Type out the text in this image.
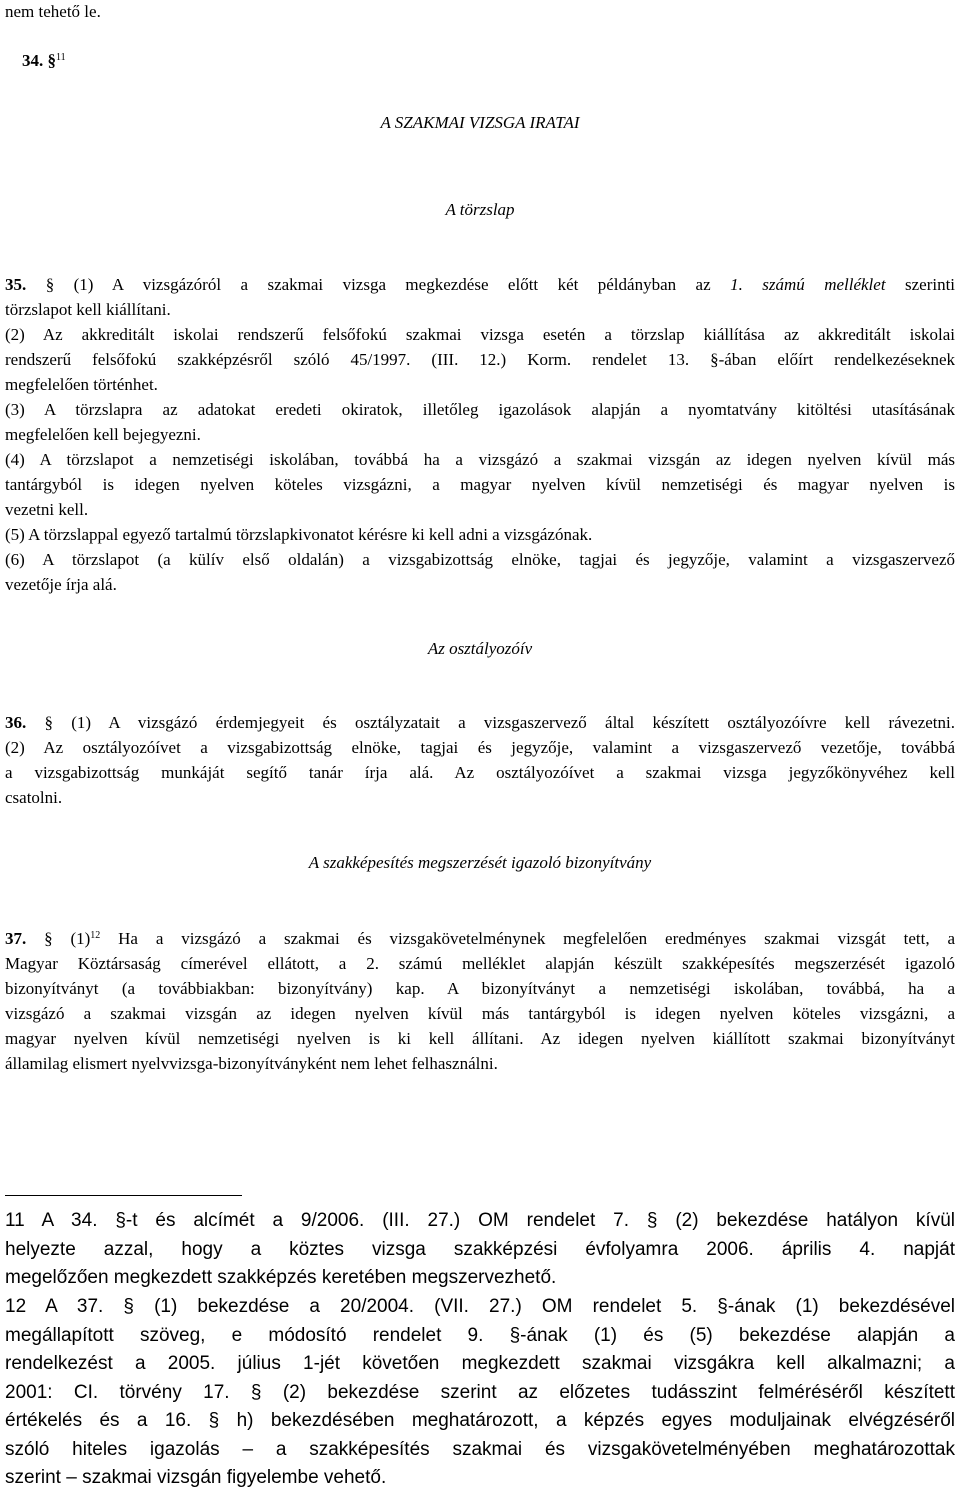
nem tehető le.

34. §$^{11}$

A SZAKMAI VIZSGA IRATAI

A törzslap

35. § (1) A vizsgázóról a szakmai vizsga megkezdése előtt két példányban az 1. számú melléklet szerinti
törzslapot kell kiállítani.
(2) Az akkreditált iskolai rendszerű felsőfokú szakmai vizsga esetén a törzslap kiállítása az akkreditált iskolai
rendszerű felsőfokú szakképzésről szóló 45/1997. (III. 12.) Korm. rendelet 13. §-ában előírt rendelkezéseknek
megfelelően történhet.
(3) A törzslapra az adatokat eredeti okiratok, illetőleg igazolások alapján a nyomtatvány kitöltési utasításának
megfelelően kell bejegyezni.
(4) A törzslapot a nemzetiségi iskolában, továbbá ha a vizsgázó a szakmai vizsgán az idegen nyelven kívül más
tantárgyból is idegen nyelven köteles vizsgázni, a magyar nyelven kívül nemzetiségi és magyar nyelven is
vezetni kell.
(5) A törzslappal egyező tartalmú törzslapkivonatot kérésre ki kell adni a vizsgázónak.
(6) A törzslapot (a külív első oldalán) a vizsgabizottság elnöke, tagjai és jegyzője, valamint a vizsgaszervező
vezetője írja alá.

Az osztályozóív

36. § (1) A vizsgázó érdemjegyeit és osztályzatait a vizsgaszervező által készített osztályozóívre kell rávezetni.
(2) Az osztályozóívet a vizsgabizottság elnöke, tagjai és jegyzője, valamint a vizsgaszervező vezetője, továbbá
a vizsgabizottság munkáját segítő tanár írja alá. Az osztályozóívet a szakmai vizsga jegyzőkönyvéhez kell
csatolni.

A szakképesítés megszerzését igazoló bizonyítvány

37. § $(1)^{12}$ Ha a vizsgázó a szakmai és vizsgakövetelménynek megfelelően eredményes szakmai vizsgát tett, a
Magyar Köztársaság címerével ellátott, a 2. számú melléklet alapján készült szakképesítés megszerzését igazoló
bizonyítványt (a továbbiakban: bizonyítvány) kap. A bizonyítványt a nemzetiségi iskolában, továbbá, ha a
vizsgázó a szakmai vizsgán az idegen nyelven kívül más tantárgyból is idegen nyelven köteles vizsgázni, a
magyar nyelven kívül nemzetiségi nyelven is ki kell állítani. Az idegen nyelven kiállított szakmai bizonyítványt
államilag elismert nyelvvizsga-bizonyítványként nem lehet felhasználni.
11 A 34. §-t és alcímét a 9/2006. (III. 27.) OM rendelet 7. § (2) bekezdése hatályon kívül
helyezte azzal, hogy a köztes vizsga szakképzési évfolyamra 2006. április 4. napját
megelőzően megkezdett szakképzés keretében megszervezhető.
12 A 37. § (1) bekezdése a 20/2004. (VII. 27.) OM rendelet 5. §-ának (1) bekezdésével
megállapított szöveg, e módosító rendelet 9. §-ának (1) és (5) bekezdése alapján a
rendelkezést a 2005. július 1-jét követően megkezdett szakmai vizsgákra kell alkalmazni; a
2001: CI. törvény 17. § (2) bekezdése szerint az előzetes tudásszint felméréséről készített
értékelés és a 16. § h) bekezdésében meghatározott, a képzés egyes moduljainak elvégzéséről
szóló hiteles igazolás – a szakképesítés szakmai és vizsgakövetelményében meghatározottak
szerint – szakmai vizsgán figyelembe vehető.
